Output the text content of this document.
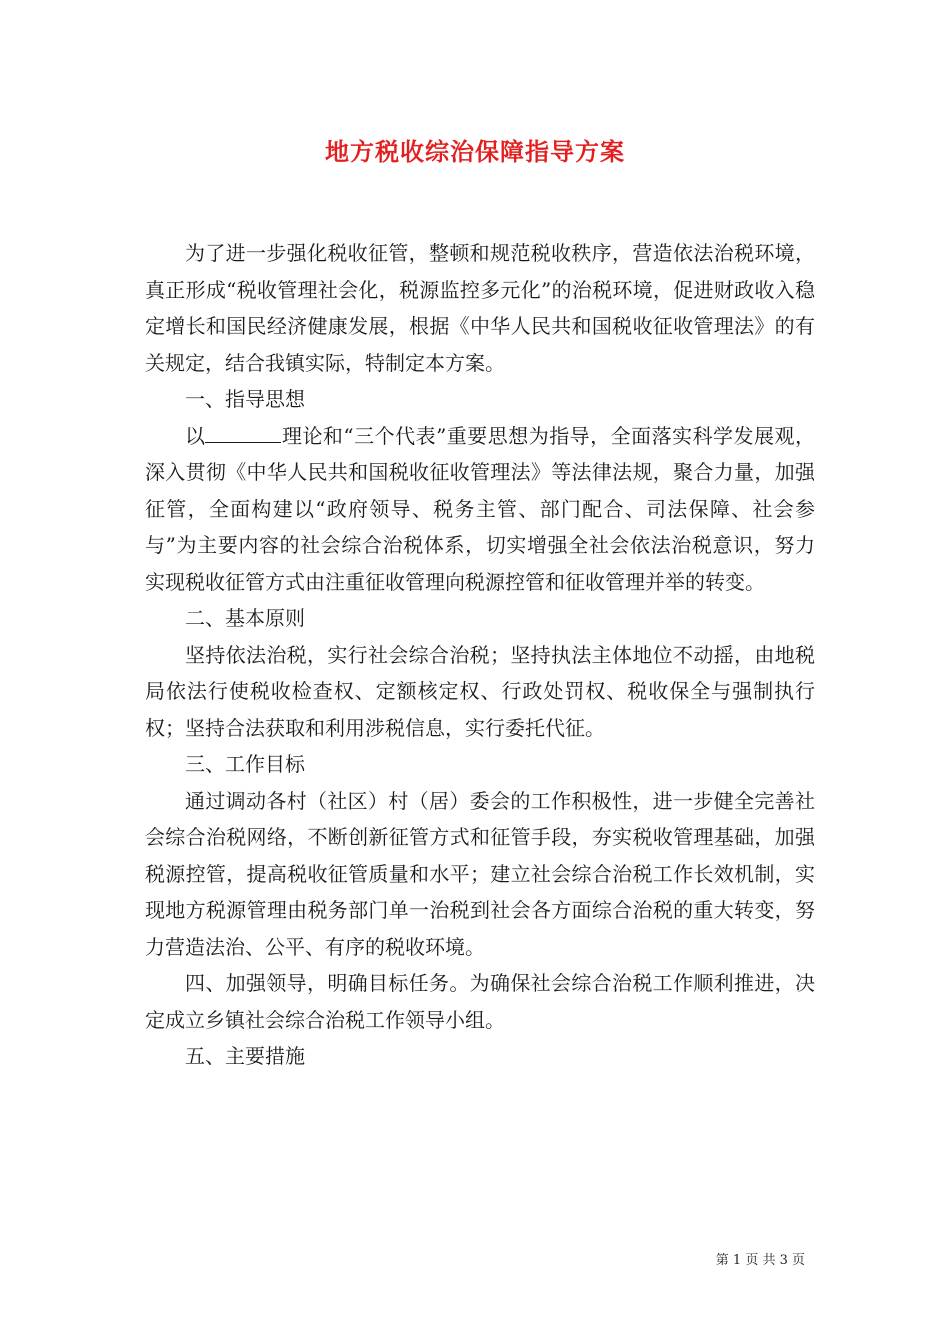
地方税收综治保障指导方案

为了进一步强化税收征管，整顿和规范税收秩序，营造依法治税环境，真正形成“税收管理社会化，税源监控多元化”的治税环境，促进财政收入稳定增长和国民经济健康发展，根据《中华人民共和国税收征收管理法》的有关规定，结合我镇实际，特制定本方案。

一、指导思想

以	理论和“三个代表”重要思想为指导，全面落实科学发展观，深入贯彻《中华人民共和国税收征收管理法》等法律法规，聚合力量，加强征管，全面构建以“政府领导、税务主管、部门配合、司法保障、社会参与”为主要内容的社会综合治税体系，切实增强全社会依法治税意识，努力实现税收征管方式由注重征收管理向税源控管和征收管理并举的转变。

二、基本原则

坚持依法治税，实行社会综合治税；坚持执法主体地位不动摇，由地税局依法行使税收检查权、定额核定权、行政处罚权、税收保全与强制执行权；坚持合法获取和利用涉税信息，实行委托代征。

三、工作目标

通过调动各村（社区）村（居）委会的工作积极性，进一步健全完善社会综合治税网络，不断创新征管方式和征管手段，夯实税收管理基础，加强税源控管，提高税收征管质量和水平；建立社会综合治税工作长效机制，实现地方税源管理由税务部门单一治税到社会各方面综合治税的重大转变，努力营造法治、公平、有序的税收环境。

四、加强领导，明确目标任务。为确保社会综合治税工作顺利推进，决定成立乡镇社会综合治税工作领导小组。

五、主要措施

第 1 页 共 3 页
